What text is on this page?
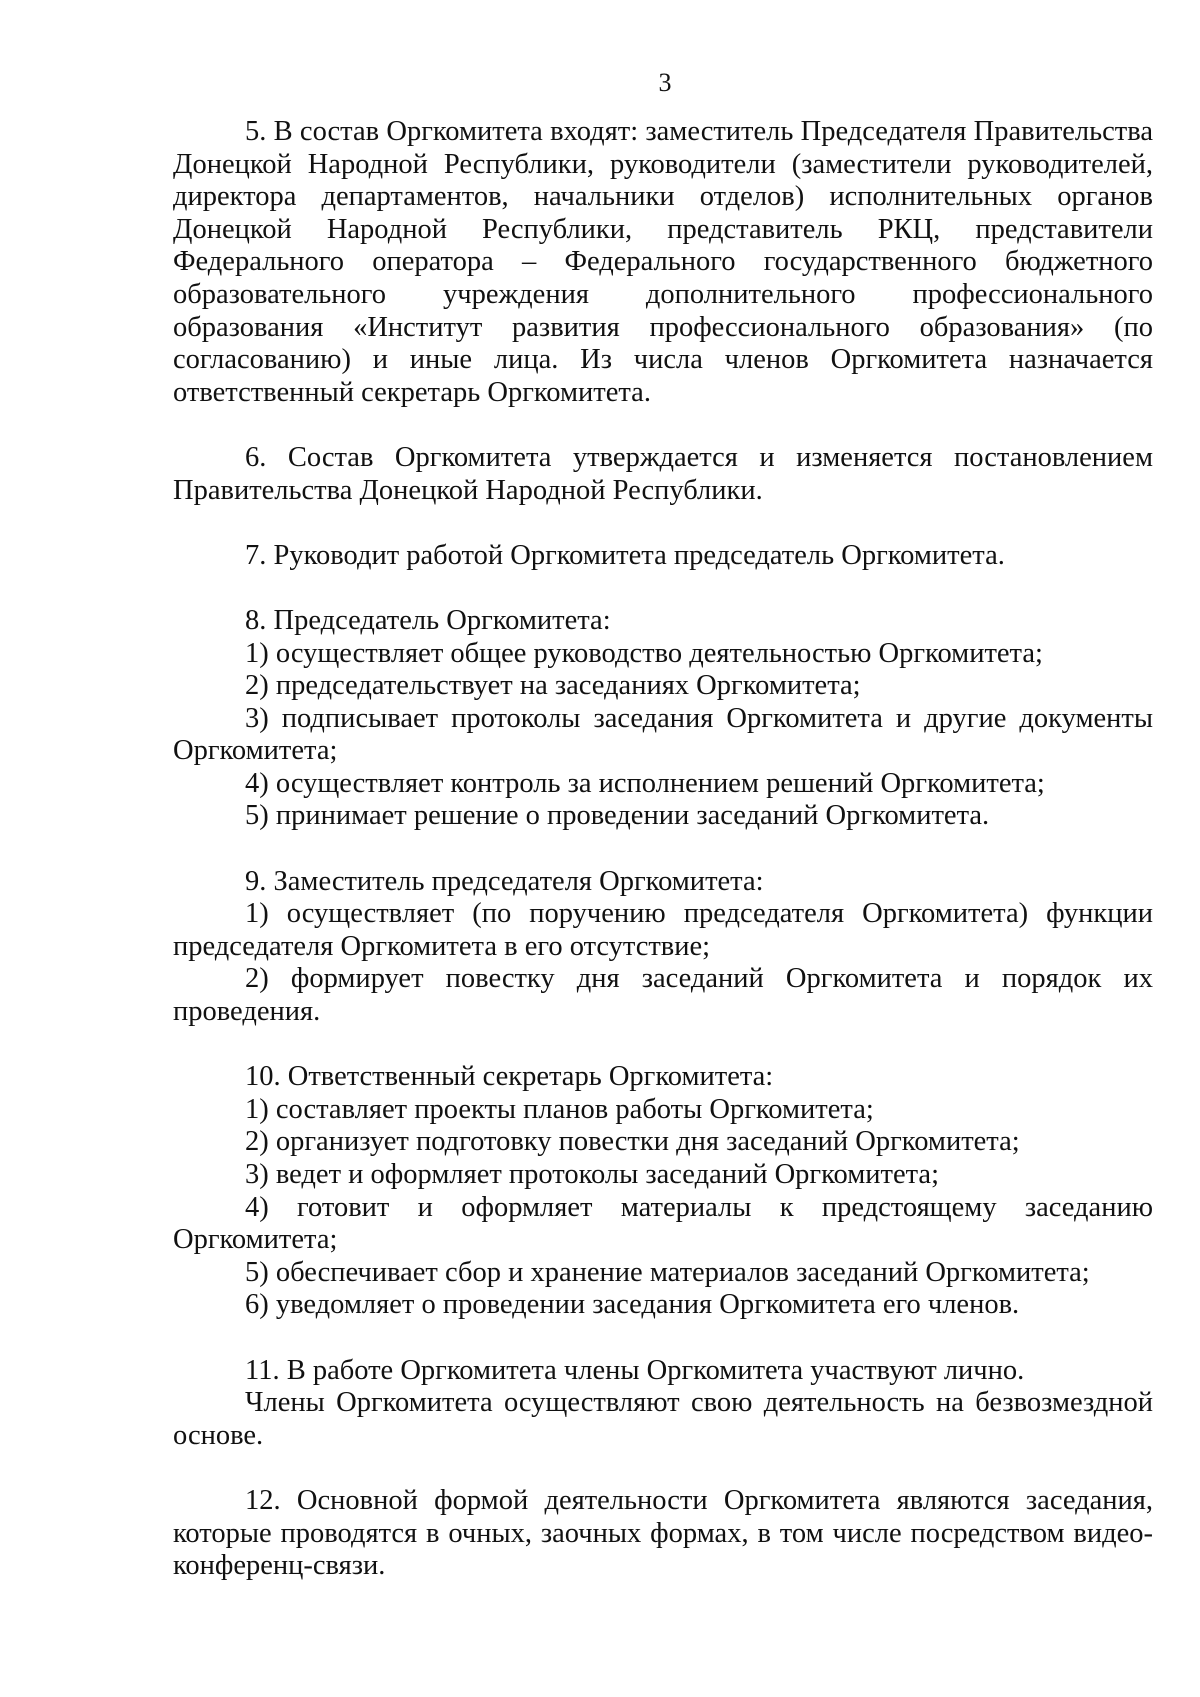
3

5. В состав Оргкомитета входят: заместитель Председателя Правительства Донецкой Народной Республики, руководители (заместители руководителей, директора департаментов, начальники отделов) исполнительных органов Донецкой Народной Республики, представитель РКЦ, представители Федерального оператора – Федерального государственного бюджетного образовательного учреждения дополнительного профессионального образования «Институт развития профессионального образования» (по согласованию) и иные лица. Из числа членов Оргкомитета назначается ответственный секретарь Оргкомитета.

6. Состав Оргкомитета утверждается и изменяется постановлением Правительства Донецкой Народной Республики.

7. Руководит работой Оргкомитета председатель Оргкомитета.

8. Председатель Оргкомитета:

1) осуществляет общее руководство деятельностью Оргкомитета;

2) председательствует на заседаниях Оргкомитета;

3) подписывает протоколы заседания Оргкомитета и другие документы Оргкомитета;

4) осуществляет контроль за исполнением решений Оргкомитета;

5) принимает решение о проведении заседаний Оргкомитета.

9. Заместитель председателя Оргкомитета:

1) осуществляет (по поручению председателя Оргкомитета) функции председателя Оргкомитета в его отсутствие;

2) формирует повестку дня заседаний Оргкомитета и порядок их проведения.

10. Ответственный секретарь Оргкомитета:

1) составляет проекты планов работы Оргкомитета;

2) организует подготовку повестки дня заседаний Оргкомитета;

3) ведет и оформляет протоколы заседаний Оргкомитета;

4) готовит и оформляет материалы к предстоящему заседанию Оргкомитета;

5) обеспечивает сбор и хранение материалов заседаний Оргкомитета;

6) уведомляет о проведении заседания Оргкомитета его членов.

11. В работе Оргкомитета члены Оргкомитета участвуют лично.

Члены Оргкомитета осуществляют свою деятельность на безвозмездной основе.

12. Основной формой деятельности Оргкомитета являются заседания, которые проводятся в очных, заочных формах, в том числе посредством видео-конференц-связи.
